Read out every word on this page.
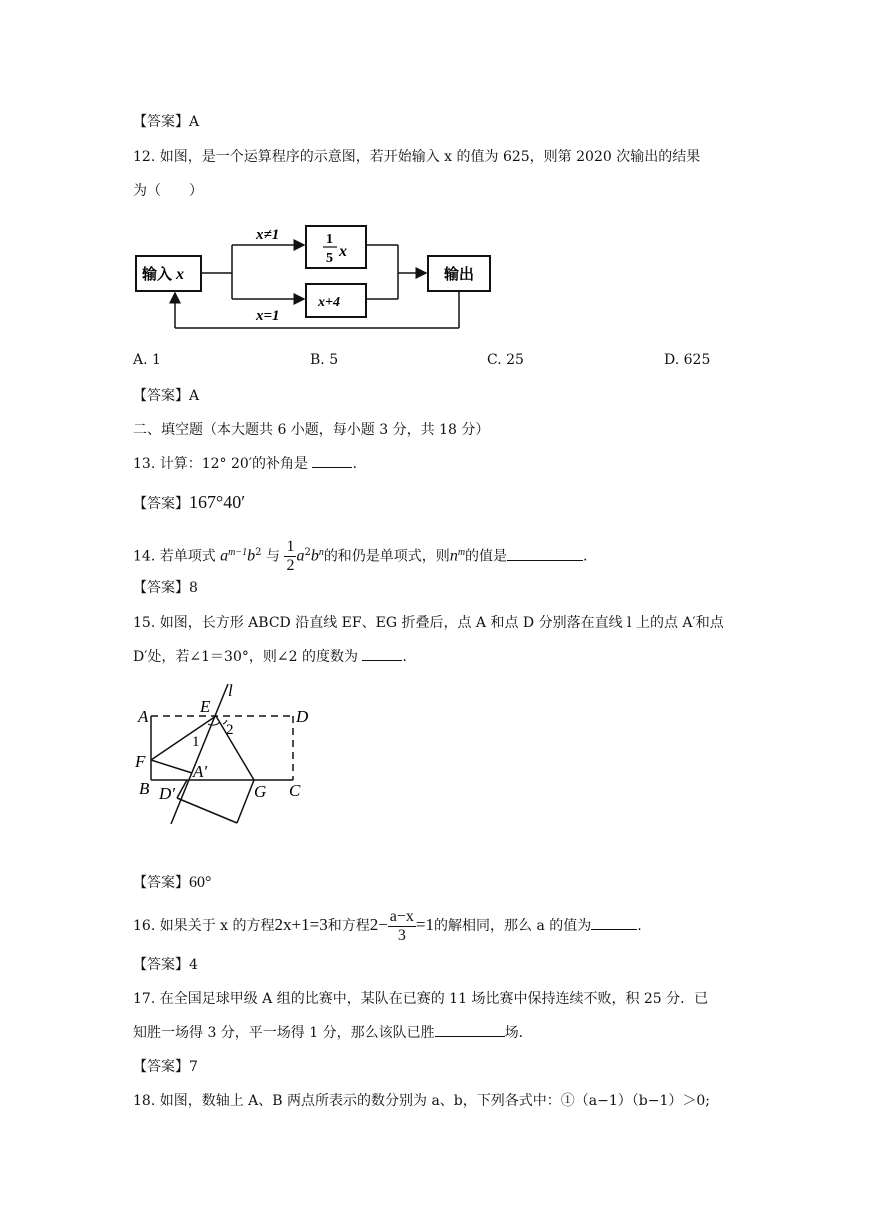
【答案】A
12. 如图，是一个运算程序的示意图，若开始输入 x 的值为 625，则第 2020 次输出的结果
为（　　）
输入 x
x≠1
x=1
1
5 x
x+4
输出
A. 1	B. 5	C. 25	D. 625
【答案】A
二、填空题（本大题共 6 小题，每小题 3 分，共 18 分）
13. 计算：12° 20′的补角是	.
【答案】167°40′
14. 若单项式 $a^{m-1}b^2$ 与 $\frac{1}{2} a^2b^n$的和仍是单项式，则$n^m$的值是	.
【答案】8
15. 如图，长方形 ABCD 沿直线 EF、EG 折叠后，点 A 和点 D 分别落在直线 l 上的点 A′和点
D′处，若∠1＝30°，则∠2 的度数为	.
A
E
l
D
1
2
F
A′
B D′	G C
【答案】60°
16. 如果关于 x 的方程2x+1=3和方程$2- \frac{a-x}{3} =1$的解相同，那么 a 的值为	.
【答案】4
17. 在全国足球甲级 A 组的比赛中，某队在已赛的 11 场比赛中保持连续不败，积 25 分．已
知胜一场得 3 分，平一场得 1 分，那么该队已胜	场．
【答案】7
18. 如图，数轴上 A、B 两点所表示的数分别为 a、b，下列各式中：①（a−1）（b−1）＞0;
